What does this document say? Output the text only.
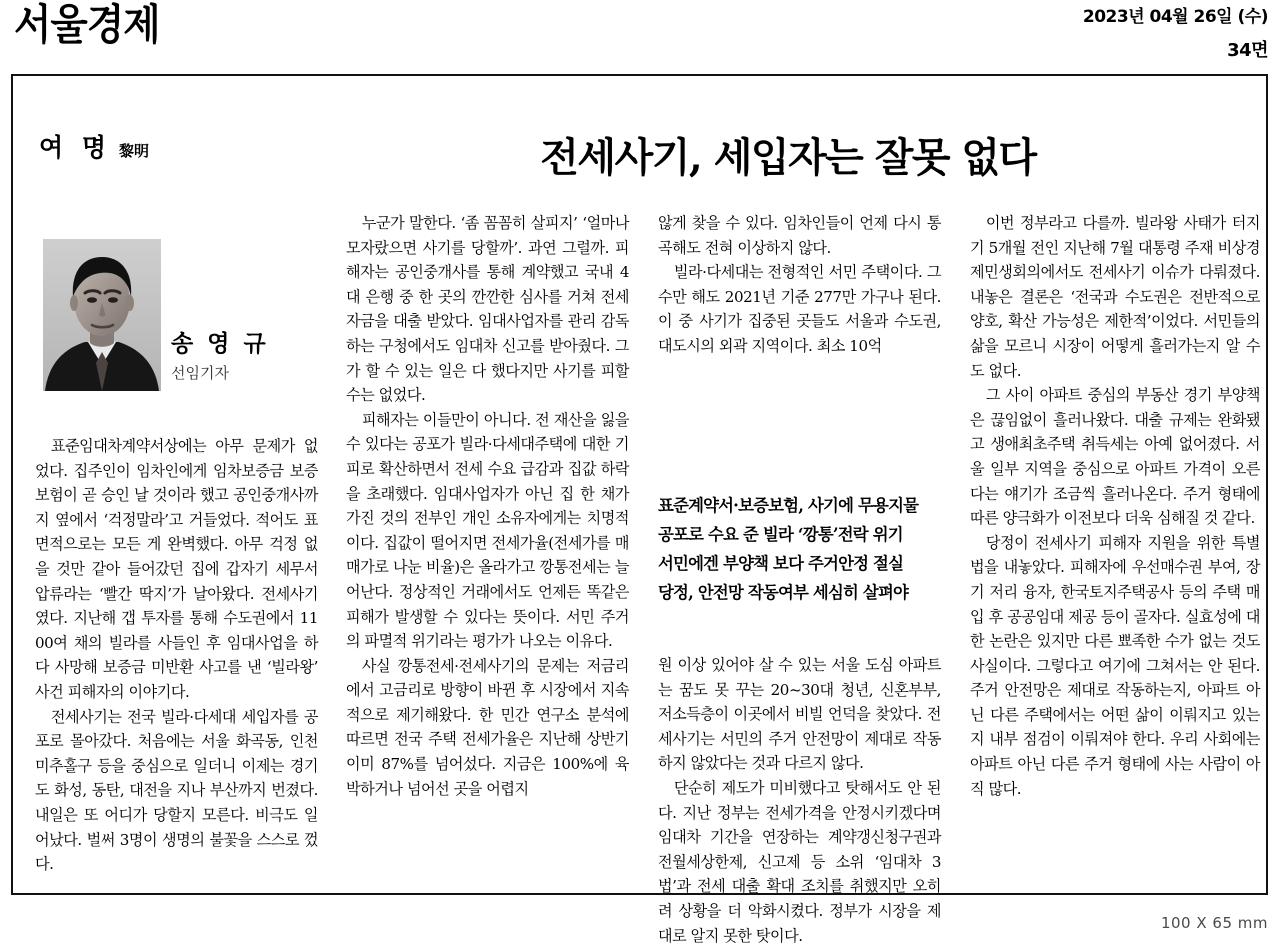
서울경제	2023년 04월 26일 (수)
34면
여 명 黎明	전세사기, 세입자는 잘못 없다
송 영 규
선임기자

표준임대차계약서상에는 아무 문제가 없었다. 집주인이 임차인에게 임차보증금 보증보험이 곧 승인 날 것이라 했고 공인중개사까지 옆에서 ‘걱정말라’고 거들었다. 적어도 표면적으로는 모든 게 완벽했다. 아무 걱정 없을 것만 같아 들어갔던 집에 갑자기 세무서 압류라는 ‘빨간 딱지’가 날아왔다. 전세사기였다. 지난해 갭 투자를 통해 수도권에서 1100여 채의 빌라를 사들인 후 임대사업을 하다 사망해 보증금 미반환 사고를 낸 ‘빌라왕’ 사건 피해자의 이야기다.

전세사기는 전국 빌라·다세대 세입자를 공포로 몰아갔다. 처음에는 서울 화곡동, 인천 미추홀구 등을 중심으로 일더니 이제는 경기도 화성, 동탄, 대전을 지나 부산까지 번졌다. 내일은 또 어디가 당할지 모른다. 비극도 일어났다. 벌써 3명이 생명의 불꽃을 스스로 껐다.

누군가 말한다. ‘좀 꼼꼼히 살피지’ ‘얼마나 모자랐으면 사기를 당할까’. 과연 그럴까. 피해자는 공인중개사를 통해 계약했고 국내 4대 은행 중 한 곳의 깐깐한 심사를 거쳐 전세자금을 대출 받았다. 임대사업자를 관리 감독하는 구청에서도 임대차 신고를 받아줬다. 그가 할 수 있는 일은 다 했다지만 사기를 피할 수는 없었다.

피해자는 이들만이 아니다. 전 재산을 잃을 수 있다는 공포가 빌라·다세대주택에 대한 기피로 확산하면서 전세 수요 급감과 집값 하락을 초래했다. 임대사업자가 아닌 집 한 채가 가진 것의 전부인 개인 소유자에게는 치명적이다. 집값이 떨어지면 전세가율(전세가를 매매가로 나눈 비율)은 올라가고 깡통전세는 늘어난다. 정상적인 거래에서도 언제든 똑같은 피해가 발생할 수 있다는 뜻이다. 서민 주거의 파멸적 위기라는 평가가 나오는 이유다.

사실 깡통전세·전세사기의 문제는 저금리에서 고금리로 방향이 바뀐 후 시장에서 지속적으로 제기해왔다. 한 민간 연구소 분석에 따르면 전국 주택 전세가율은 지난해 상반기 이미 87%를 넘어섰다. 지금은 100%에 육박하거나 넘어선 곳을 어렵지

않게 찾을 수 있다. 임차인들이 언제 다시 통곡해도 전혀 이상하지 않다.

빌라·다세대는 전형적인 서민 주택이다. 그 수만 해도 2021년 기준 277만 가구나 된다. 이 중 사기가 집중된 곳들도 서울과 수도권, 대도시의 외곽 지역이다. 최소 10억

원 이상 있어야 살 수 있는 서울 도심 아파트는 꿈도 못 꾸는 20~30대 청년, 신혼부부, 저소득층이 이곳에서 비빌 언덕을 찾았다. 전세사기는 서민의 주거 안전망이 제대로 작동하지 않았다는 것과 다르지 않다.

단순히 제도가 미비했다고 탓해서도 안 된다. 지난 정부는 전세가격을 안정시키겠다며 임대차 기간을 연장하는 계약갱신청구권과 전월세상한제, 신고제 등 소위 ‘임대차 3법’과 전세 대출 확대 조치를 취했지만 오히려 상황을 더 악화시켰다. 정부가 시장을 제대로 알지 못한 탓이다.

이번 정부라고 다를까. 빌라왕 사태가 터지기 5개월 전인 지난해 7월 대통령 주재 비상경제민생회의에서도 전세사기 이슈가 다뤄졌다. 내놓은 결론은 ‘전국과 수도권은 전반적으로 양호, 확산 가능성은 제한적’이었다. 서민들의 삶을 모르니 시장이 어떻게 흘러가는지 알 수도 없다.

그 사이 아파트 중심의 부동산 경기 부양책은 끊임없이 흘러나왔다. 대출 규제는 완화됐고 생애최초주택 취득세는 아예 없어졌다. 서울 일부 지역을 중심으로 아파트 가격이 오른다는 얘기가 조금씩 흘러나온다. 주거 형태에 따른 양극화가 이전보다 더욱 심해질 것 같다.

당정이 전세사기 피해자 지원을 위한 특별법을 내놓았다. 피해자에 우선매수권 부여, 장기 저리 융자, 한국토지주택공사 등의 주택 매입 후 공공임대 제공 등이 골자다. 실효성에 대한 논란은 있지만 다른 뾰족한 수가 없는 것도 사실이다. 그렇다고 여기에 그쳐서는 안 된다. 주거 안전망은 제대로 작동하는지, 아파트 아닌 다른 주택에서는 어떤 삶이 이뤄지고 있는지 내부 점검이 이뤄져야 한다. 우리 사회에는 아파트 아닌 다른 주거 형태에 사는 사람이 아직 많다.

표준계약서·보증보험, 사기에 무용지물
공포로 수요 준 빌라 ‘깡통’전락 위기
서민에겐 부양책 보다 주거안정 절실
당정, 안전망 작동여부 세심히 살펴야
100 X 65 mm
